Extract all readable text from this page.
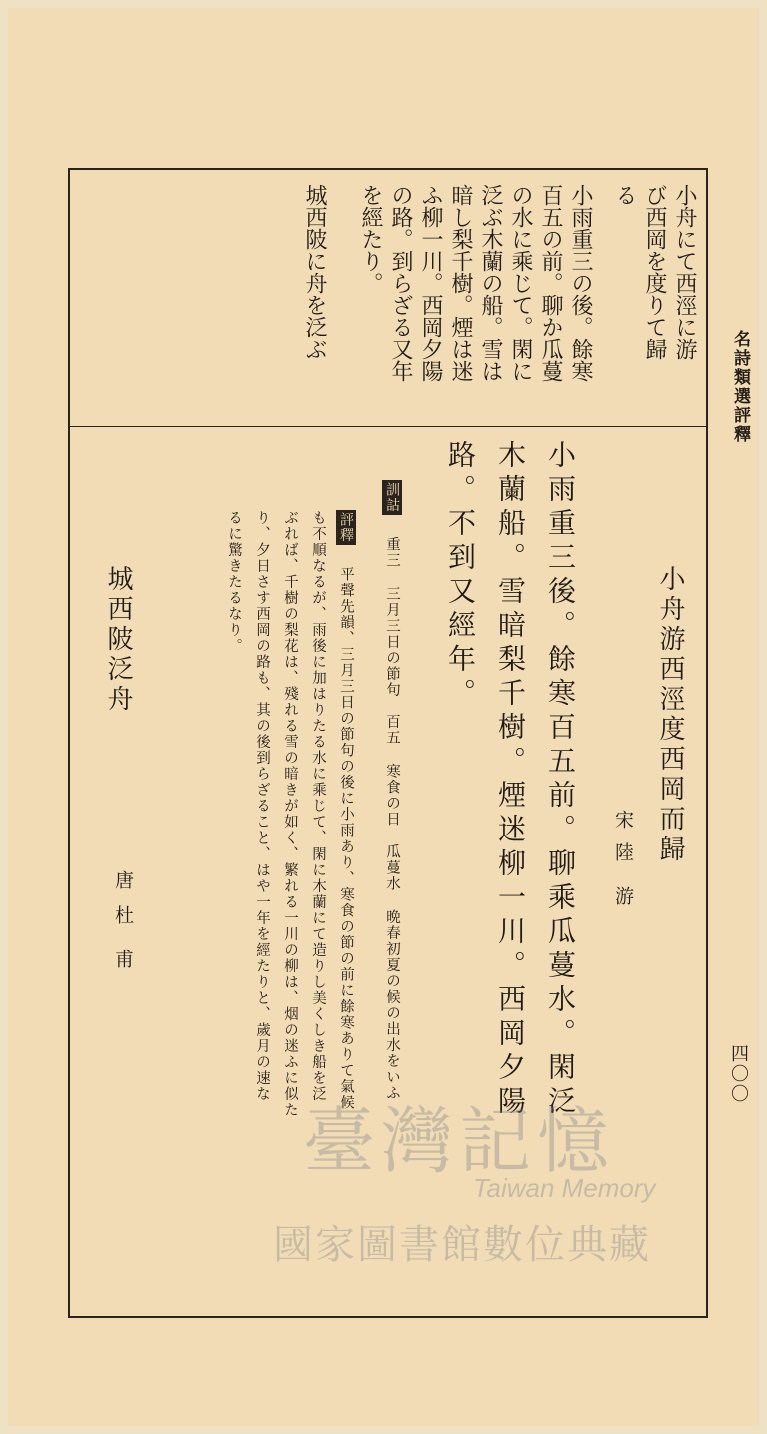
名詩類選評釋
四〇〇
小舟にて西涇に游
び西岡を度りて歸
る
小雨重三の後。餘寒
百五の前。聊か瓜蔓
の水に乘じて。閑に
泛ぶ木蘭の船。雪は
暗し梨千樹。煙は迷
ふ柳一川。西岡夕陽
の路。到らざる又年
を經たり。
城西陂に舟を泛ぶ
小舟游西涇度西岡而歸
宋
陸　游
小雨重三後。餘寒百五前。聊乘瓜蔓水。閑泛
木蘭船。雪暗梨千樹。煙迷柳一川。西岡夕陽
路。不到又經年。
訓詁 重三 三月三日の節句　百五 寒食の日　瓜蔓水 晩春初夏の候の出水をいふ
評釋 平聲先韻、三月三日の節句の後に小雨あり、寒食の節の前に餘寒ありて氣候
も不順なるが、雨後に加はりたる水に乘じて、閑に木蘭にて造りし美くしき船を泛
ぶれば、千樹の梨花は、殘れる雪の暗きが如く、繁れる一川の柳は、烟の迷ふに似た
り、夕日さす西岡の路も、其の後到らざること、はや一年を經たりと、歲月の速な
るに驚きたるなり。
城西陂泛舟
唐
杜　甫
臺灣記憶
Taiwan Memory
國家圖書館數位典藏
